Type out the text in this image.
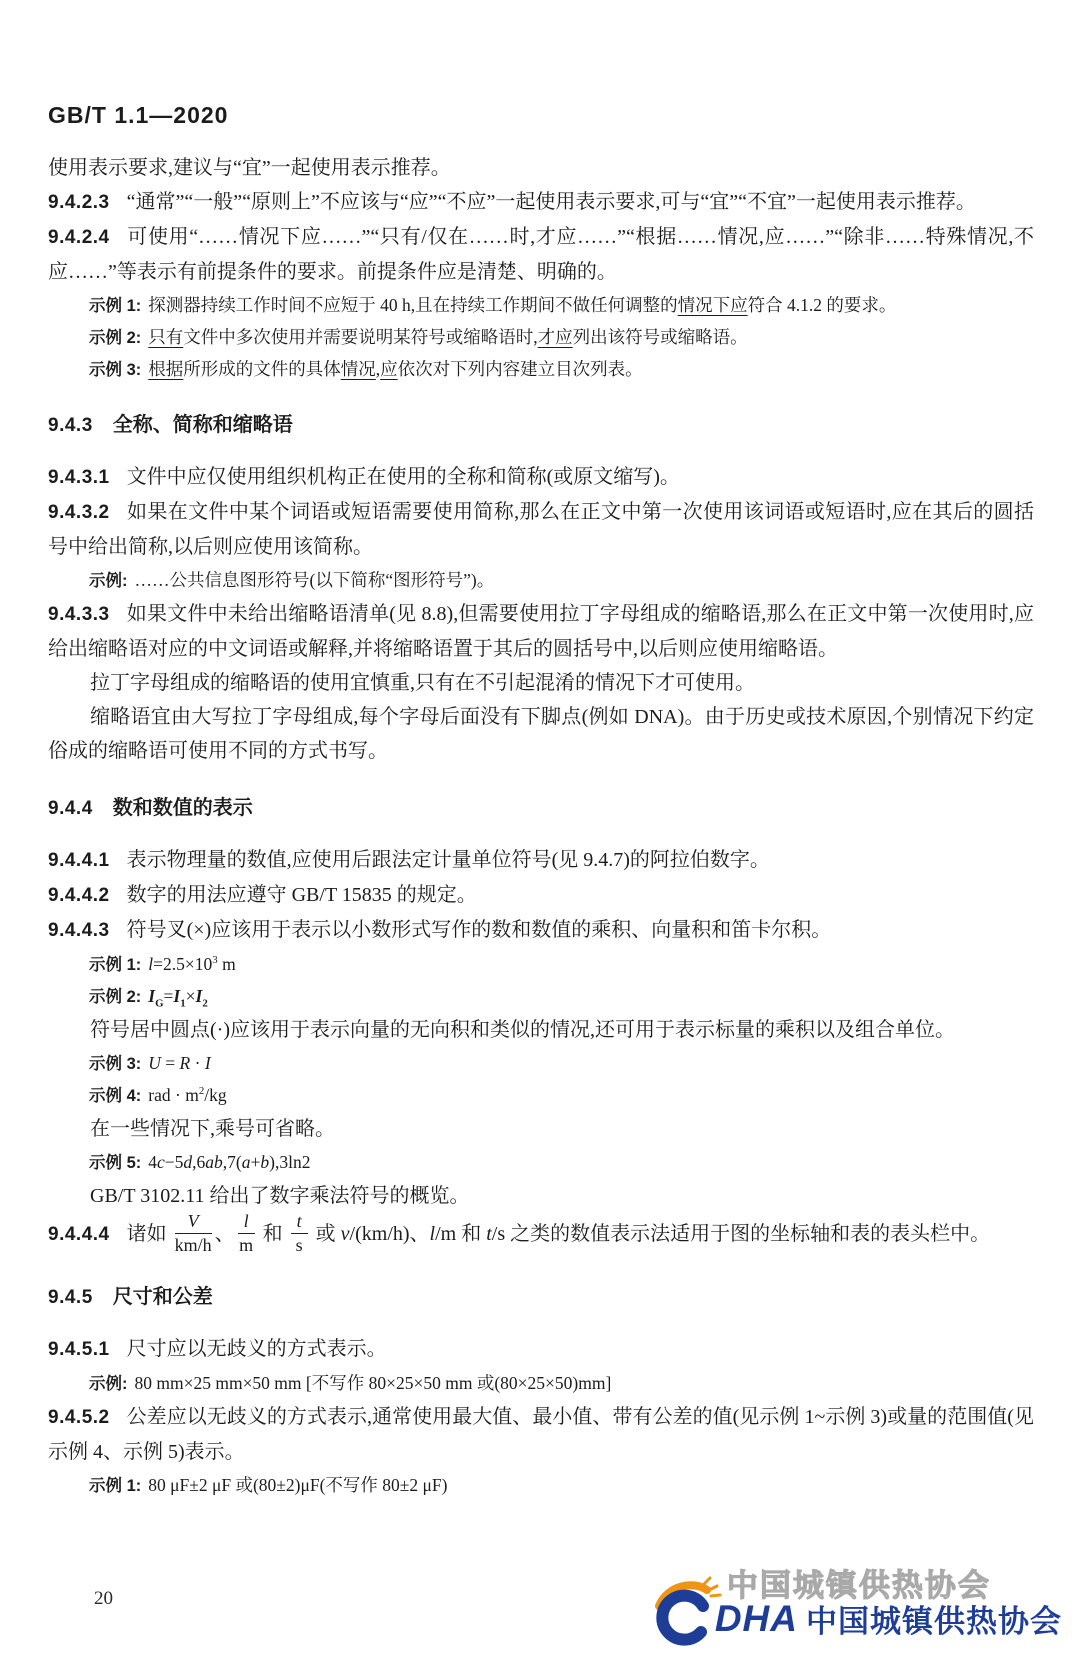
GB/T 1.1—2020

使用表示要求,建议与“宜”一起使用表示推荐。

9.4.2.3 “通常”“一般”“原则上”不应该与“应”“不应”一起使用表示要求,可与“宜”“不宜”一起使用表示推荐。

9.4.2.4 可使用“……情况下应……”“只有/仅在……时,才应……”“根据……情况,应……”“除非……特殊情况,不应……”等表示有前提条件的要求。前提条件应是清楚、明确的。

示例 1: 探测器持续工作时间不应短于 40 h,且在持续工作期间不做任何调整的情况下应符合 4.1.2 的要求。

示例 2: 只有文件中多次使用并需要说明某符号或缩略语时,才应列出该符号或缩略语。

示例 3: 根据所形成的文件的具体情况,应依次对下列内容建立目次列表。

9.4.3 全称、简称和缩略语

9.4.3.1 文件中应仅使用组织机构正在使用的全称和简称(或原文缩写)。

9.4.3.2 如果在文件中某个词语或短语需要使用简称,那么在正文中第一次使用该词语或短语时,应在其后的圆括号中给出简称,以后则应使用该简称。

示例: ……公共信息图形符号(以下简称“图形符号”)。

9.4.3.3 如果文件中未给出缩略语清单(见 8.8),但需要使用拉丁字母组成的缩略语,那么在正文中第一次使用时,应给出缩略语对应的中文词语或解释,并将缩略语置于其后的圆括号中,以后则应使用缩略语。

拉丁字母组成的缩略语的使用宜慎重,只有在不引起混淆的情况下才可使用。

缩略语宜由大写拉丁字母组成,每个字母后面没有下脚点(例如 DNA)。由于历史或技术原因,个别情况下约定俗成的缩略语可使用不同的方式书写。

9.4.4 数和数值的表示

9.4.4.1 表示物理量的数值,应使用后跟法定计量单位符号(见 9.4.7)的阿拉伯数字。

9.4.4.2 数字的用法应遵守 GB/T 15835 的规定。

9.4.4.3 符号叉(×)应该用于表示以小数形式写作的数和数值的乘积、向量积和笛卡尔积。

示例 1: $l=2.5\times 10^3$ m

示例 2: $I_G=I_1\times I_2$

符号居中圆点(·)应该用于表示向量的无向积和类似的情况,还可用于表示标量的乘积以及组合单位。

示例 3: U = R · I

示例 4: rad · $m^2/kg$

在一些情况下,乘号可省略。

示例 5: 4c−5d,6ab,7(a+b),3ln2

GB/T 3102.11 给出了数字乘法符号的概览。

9.4.4.4 诸如 $\frac{V}{km/h}$ 、 $\frac{l}{m}$ 和 $\frac{t}{s}$ 或 v/(km/h)、l/m 和 t/s 之类的数值表示法适用于图的坐标轴和表的表头栏中。

9.4.5 尺寸和公差

9.4.5.1 尺寸应以无歧义的方式表示。

示例: 80 mm×25 mm×50 mm [不写作 80×25×50 mm 或(80×25×50)mm]

9.4.5.2 公差应以无歧义的方式表示,通常使用最大值、最小值、带有公差的值(见示例 1~示例 3)或量的范围值(见示例 4、示例 5)表示。

示例 1: 80 μF±2 μF 或(80±2)μF(不写作 80±2 μF)

20	中国城镇供热协会
DHA 中国城镇供热协会
